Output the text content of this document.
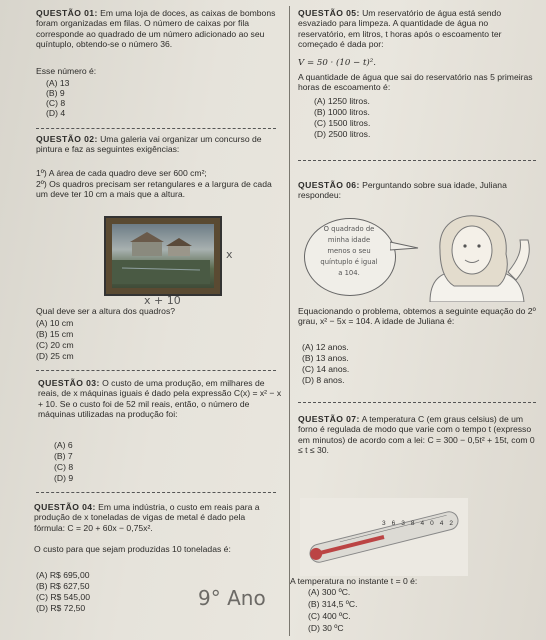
QUESTÃO 01: Em uma loja de doces, as caixas de bombons foram organizadas em filas. O número de caixas por fila corresponde ao quadrado de um número adicionado ao seu quíntuplo, obtendo-se o número 36.
Esse número é:
(A) 13
(B) 9
(C) 8
(D) 4
QUESTÃO 02: Uma galeria vai organizar um concurso de pintura e faz as seguintes exigências:
1º) A área de cada quadro deve ser 600 cm²;
2º) Os quadros precisam ser retangulares e a largura de cada um deve ter 10 cm a mais que a altura.
x
x + 10
Qual deve ser a altura dos quadros?
(A) 10 cm
(B) 15 cm
(C) 20 cm
(D) 25 cm
QUESTÃO 03: O custo de uma produção, em milhares de reais, de x máquinas iguais é dado pela expressão C(x) = x² − x + 10. Se o custo foi de 52 mil reais, então, o número de máquinas utilizadas na produção foi:
(A) 6
(B) 7
(C) 8
(D) 9
QUESTÃO 04: Em uma indústria, o custo em reais para a produção de x toneladas de vigas de metal é dado pela fórmula: C = 20 + 60x − 0,75x².
O custo para que sejam produzidas 10 toneladas é:
(A) R$ 695,00
(B) R$ 627,50
(C) R$ 545,00
(D) R$ 72,50	9° Ano
QUESTÃO 05: Um reservatório de água está sendo esvaziado para limpeza. A quantidade de água no reservatório, em litros, t horas após o escoamento ter começado é dada por:
V = 50 · (10 − t)².
A quantidade de água que sai do reservatório nas 5 primeiras horas de escoamento é:
(A) 1250 litros.
(B) 1000 litros.
(C) 1500 litros.
(D) 2500 litros.
QUESTÃO 06: Perguntando sobre sua idade, Juliana respondeu:
O quadrado de
minha idade
menos o seu
quíntuplo é igual
a 104.
Equacionando o problema, obtemos a seguinte equação do 2º grau, x² − 5x = 104. A idade de Juliana é:
(A) 12 anos.
(B) 13 anos.
(C) 14 anos.
(D) 8 anos.
QUESTÃO 07: A temperatura C (em graus celsius) de um forno é regulada de modo que varie com o tempo t (expresso em minutos) de acordo com a lei: C = 300 − 0,5t² + 15t, com 0 ≤ t ≤ 30.
36384042
A temperatura no instante t = 0 é:
(A) 300 ºC.
(B) 314,5 ºC.
(C) 400 ºC.
(D) 30 ºC
